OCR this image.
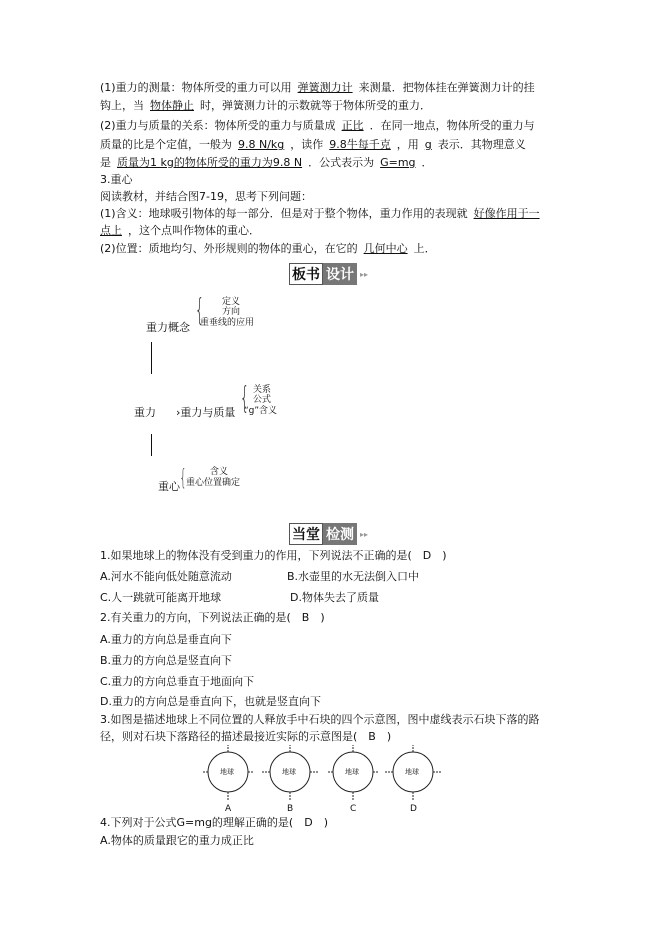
(1)重力的测量：物体所受的重力可以用 弹簧测力计 来测量．把物体挂在弹簧测力计的挂
钩上，当 物体静止 时，弹簧测力计的示数就等于物体所受的重力．
(2)重力与质量的关系：物体所受的重力与质量成 正比 ．在同一地点，物体所受的重力与
质量的比是个定值，一般为 9.8 N/kg ，读作 9.8牛每千克 ，用 g 表示．其物理意义
是 质量为1 kg的物体所受的重力为9.8 N ．公式表示为 G=mg ．
3.重心
阅读教材，并结合图7-19，思考下列问题：
(1)含义：地球吸引物体的每一部分．但是对于整个物体，重力作用的表现就 好像作用于一
点上 ，这个点叫作物体的重心．
(2)位置：质地均匀、外形规则的物体的重心，在它的 几何中心 上．
板书 设计 ▸▸
重力概念 { 定义
方向
重垂线的应用
重力 ›重力与质量 { 关系
公式
“g”含义
重心 {	含义
重心位置确定
当堂 检测 ▸▸
1.如果地球上的物体没有受到重力的作用，下列说法不正确的是(　D　)
A.河水不能向低处随意流动	B.水壶里的水无法倒入口中
C.人一跳就可能离开地球	D.物体失去了质量
2.有关重力的方向，下列说法正确的是(　B　)
A.重力的方向总是垂直向下
B.重力的方向总是竖直向下
C.重力的方向总垂直于地面向下
D.重力的方向总是垂直向下，也就是竖直向下
3.如图是描述地球上不同位置的人释放手中石块的四个示意图，图中虚线表示石块下落的路
径，则对石块下落路径的描述最接近实际的示意图是(　B　)
地球	地球	地球	地球
A	B	C	D
4.下列对于公式G=mg的理解正确的是(　D　)
A.物体的质量跟它的重力成正比
